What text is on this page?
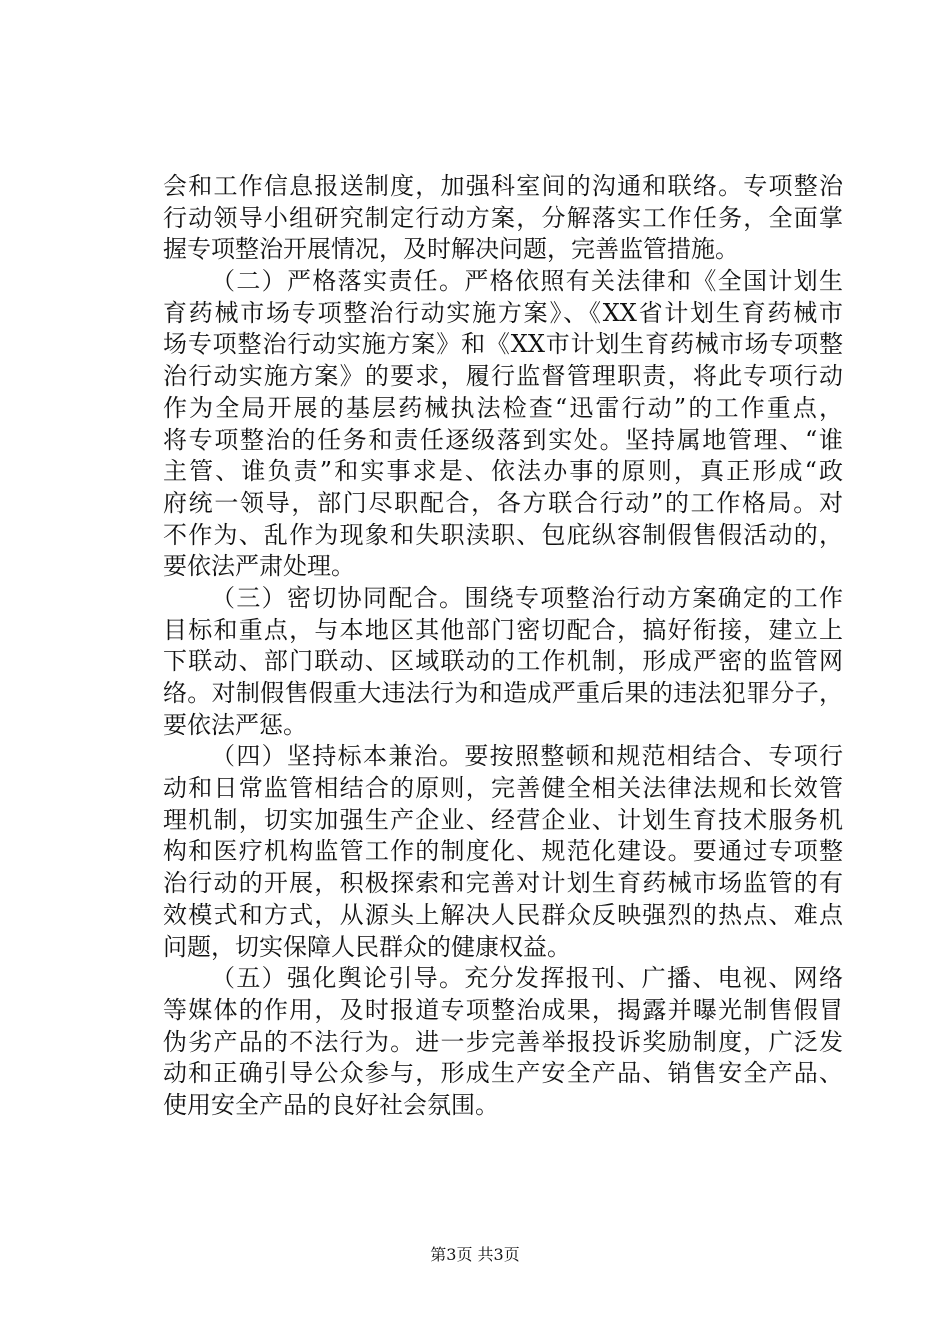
会和工作信息报送制度，加强科室间的沟通和联络。专项整治
行动领导小组研究制定行动方案，分解落实工作任务，全面掌
握专项整治开展情况，及时解决问题，完善监管措施。
（二）严格落实责任。严格依照有关法律和《全国计划生
育药械市场专项整治行动实施方案》、《XX省计划生育药械市
场专项整治行动实施方案》和《XX市计划生育药械市场专项整
治行动实施方案》的要求，履行监督管理职责，将此专项行动
作为全局开展的基层药械执法检查“迅雷行动”的工作重点，
将专项整治的任务和责任逐级落到实处。坚持属地管理、“谁
主管、谁负责”和实事求是、依法办事的原则，真正形成“政
府统一领导，部门尽职配合，各方联合行动”的工作格局。对
不作为、乱作为现象和失职渎职、包庇纵容制假售假活动的，
要依法严肃处理。
（三）密切协同配合。围绕专项整治行动方案确定的工作
目标和重点，与本地区其他部门密切配合，搞好衔接，建立上
下联动、部门联动、区域联动的工作机制，形成严密的监管网
络。对制假售假重大违法行为和造成严重后果的违法犯罪分子，
要依法严惩。
（四）坚持标本兼治。要按照整顿和规范相结合、专项行
动和日常监管相结合的原则，完善健全相关法律法规和长效管
理机制，切实加强生产企业、经营企业、计划生育技术服务机
构和医疗机构监管工作的制度化、规范化建设。要通过专项整
治行动的开展，积极探索和完善对计划生育药械市场监管的有
效模式和方式，从源头上解决人民群众反映强烈的热点、难点
问题，切实保障人民群众的健康权益。
（五）强化舆论引导。充分发挥报刊、广播、电视、网络
等媒体的作用，及时报道专项整治成果，揭露并曝光制售假冒
伪劣产品的不法行为。进一步完善举报投诉奖励制度，广泛发
动和正确引导公众参与，形成生产安全产品、销售安全产品、
使用安全产品的良好社会氛围。
第3页 共3页
